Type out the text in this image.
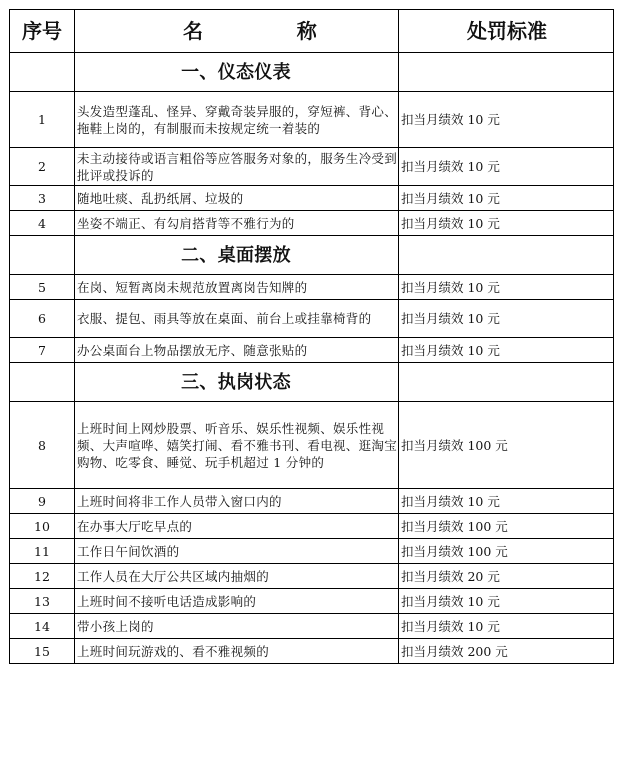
序号	名 称	处罚标准
	一、仪态仪表	
1	头发造型蓬乱、怪异、穿戴奇装异服的，穿短裤、背心、拖鞋上岗的，有制服而未按规定统一着装的	扣当月绩效 10 元
2	未主动接待或语言粗俗等应答服务对象的，服务生冷受到批评或投诉的	扣当月绩效 10 元
3	随地吐痰、乱扔纸屑、垃圾的	扣当月绩效 10 元
4	坐姿不端正、有勾肩搭背等不雅行为的	扣当月绩效 10 元
	二、桌面摆放	
5	在岗、短暂离岗未规范放置离岗告知牌的	扣当月绩效 10 元
6	衣服、提包、雨具等放在桌面、前台上或挂靠椅背的	扣当月绩效 10 元
7	办公桌面台上物品摆放无序、随意张贴的	扣当月绩效 10 元
	三、执岗状态	
8	上班时间上网炒股票、听音乐、娱乐性视频、娱乐性视频、大声喧哗、嬉笑打闹、看不雅书刊、看电视、逛淘宝购物、吃零食、睡觉、玩手机超过 1 分钟的	扣当月绩效 100 元
9	上班时间将非工作人员带入窗口内的	扣当月绩效 10 元
10	在办事大厅吃早点的	扣当月绩效 100 元
11	工作日午间饮酒的	扣当月绩效 100 元
12	工作人员在大厅公共区域内抽烟的	扣当月绩效 20 元
13	上班时间不接听电话造成影响的	扣当月绩效 10 元
14	带小孩上岗的	扣当月绩效 10 元
15	上班时间玩游戏的、看不雅视频的	扣当月绩效 200 元
